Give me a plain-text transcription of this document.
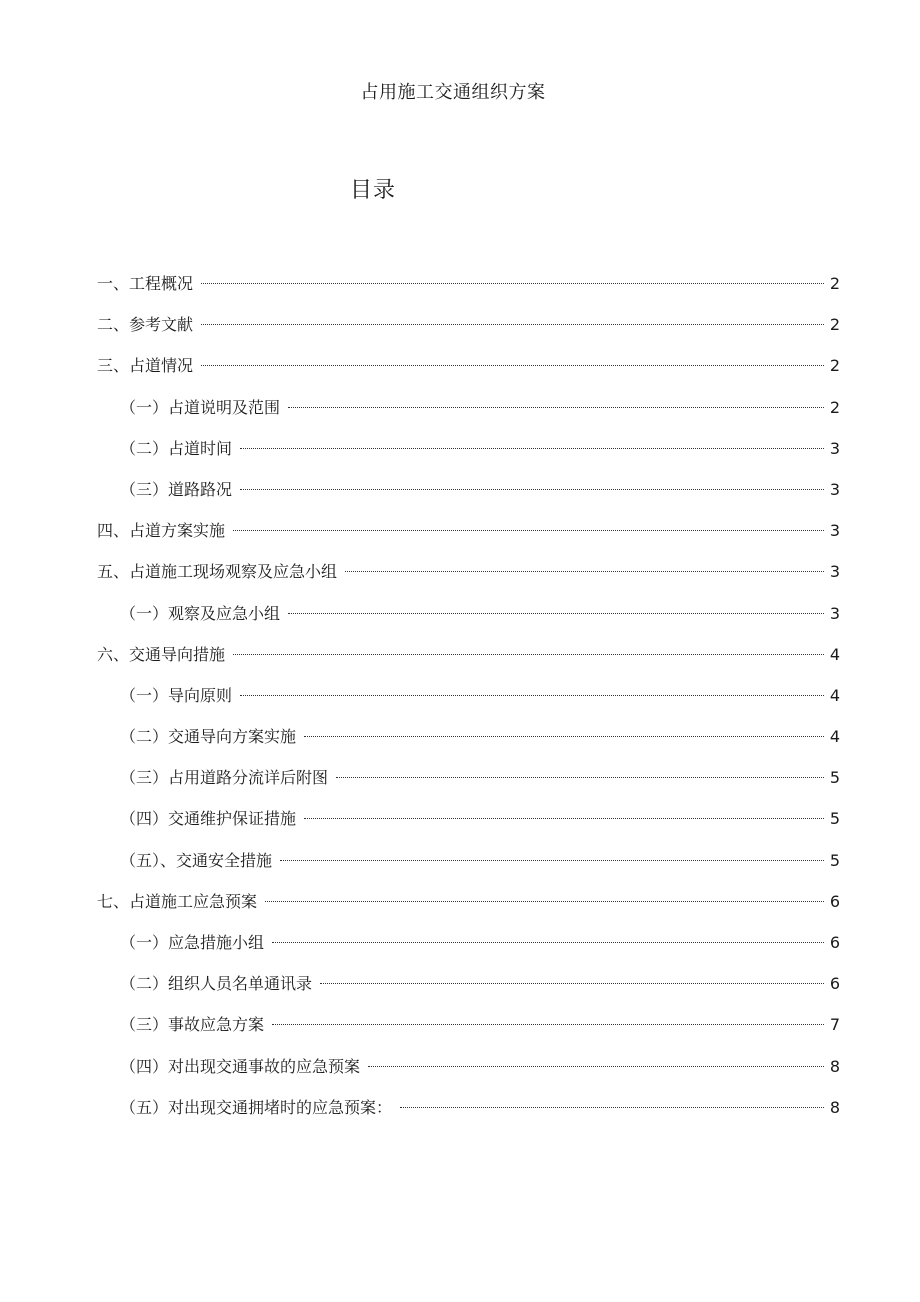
占用施工交通组织方案
目录
一、工程概况	2
二、参考文献	2
三、占道情况	2
（一）占道说明及范围	2
（二）占道时间	3
（三）道路路况	3
四、占道方案实施	3
五、占道施工现场观察及应急小组	3
（一）观察及应急小组	3
六、交通导向措施	4
（一）导向原则	4
（二）交通导向方案实施	4
（三）占用道路分流详后附图	5
（四）交通维护保证措施	5
（五）、交通安全措施	5
七、占道施工应急预案	6
（一）应急措施小组	6
（二）组织人员名单通讯录	6
（三）事故应急方案	7
（四）对出现交通事故的应急预案	8
（五）对出现交通拥堵时的应急预案：	8
